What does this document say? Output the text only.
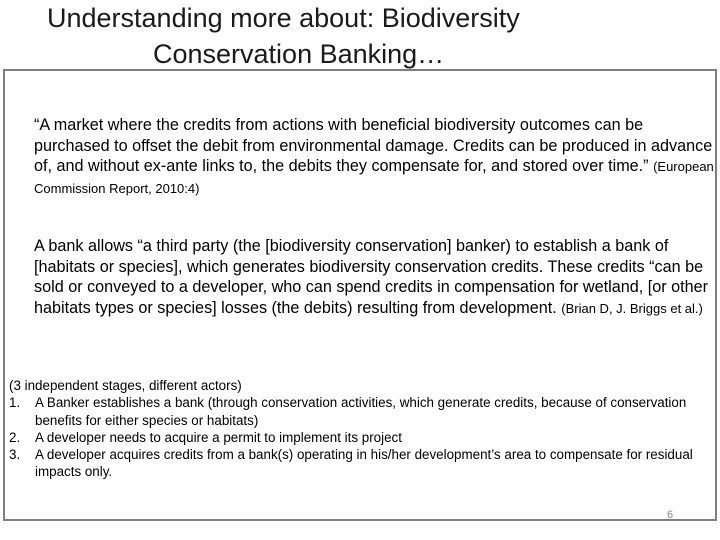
Understanding more about: Biodiversity
Conservation Banking…
“A market where the credits from actions with beneficial biodiversity outcomes can be purchased to offset the debit from environmental damage. Credits can be produced in advance of, and without ex-ante links to, the debits they compensate for, and stored over time.” (European Commission Report, 2010:4)
A bank allows “a third party (the [biodiversity conservation] banker) to establish a bank of [habitats or species], which generates biodiversity conservation credits. These credits “can be sold or conveyed to a developer, who can spend credits in compensation for wetland, [or other habitats types or species] losses (the debits) resulting from development. (Brian D, J. Briggs et al.)
(3 independent stages, different actors)
1. A Banker establishes a bank (through conservation activities, which generate credits, because of conservation benefits for either species or habitats)
2. A developer needs to acquire a permit to implement its project
3. A developer acquires credits from a bank(s) operating in his/her development’s area to compensate for residual impacts only.
6
